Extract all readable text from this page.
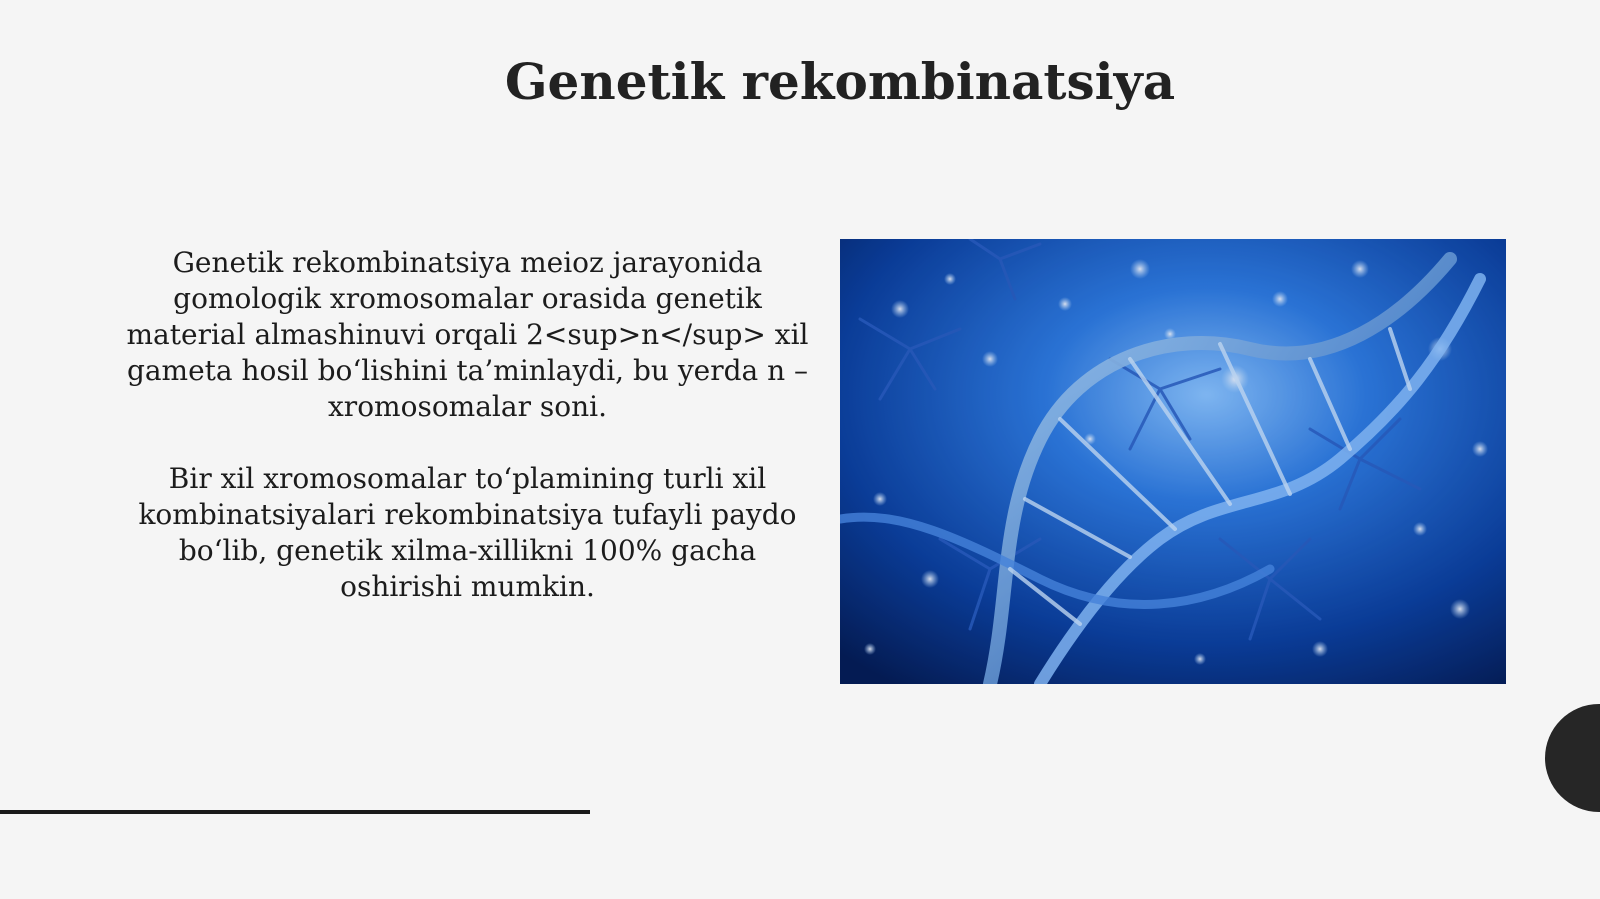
Genetik rekombinatsiya

Genetik rekombinatsiya meioz jarayonida gomologik xromosomalar orasida genetik material almashinuvi orqali 2<sup>n</sup> xil gameta hosil bo‘lishini ta’minlaydi, bu yerda n – xromosomalar soni.

Bir xil xromosomalar to‘plamining turli xil kombinatsiyalari rekombinatsiya tufayli paydo bo‘lib, genetik xilma-xillikni 100% gacha oshirishi mumkin.
